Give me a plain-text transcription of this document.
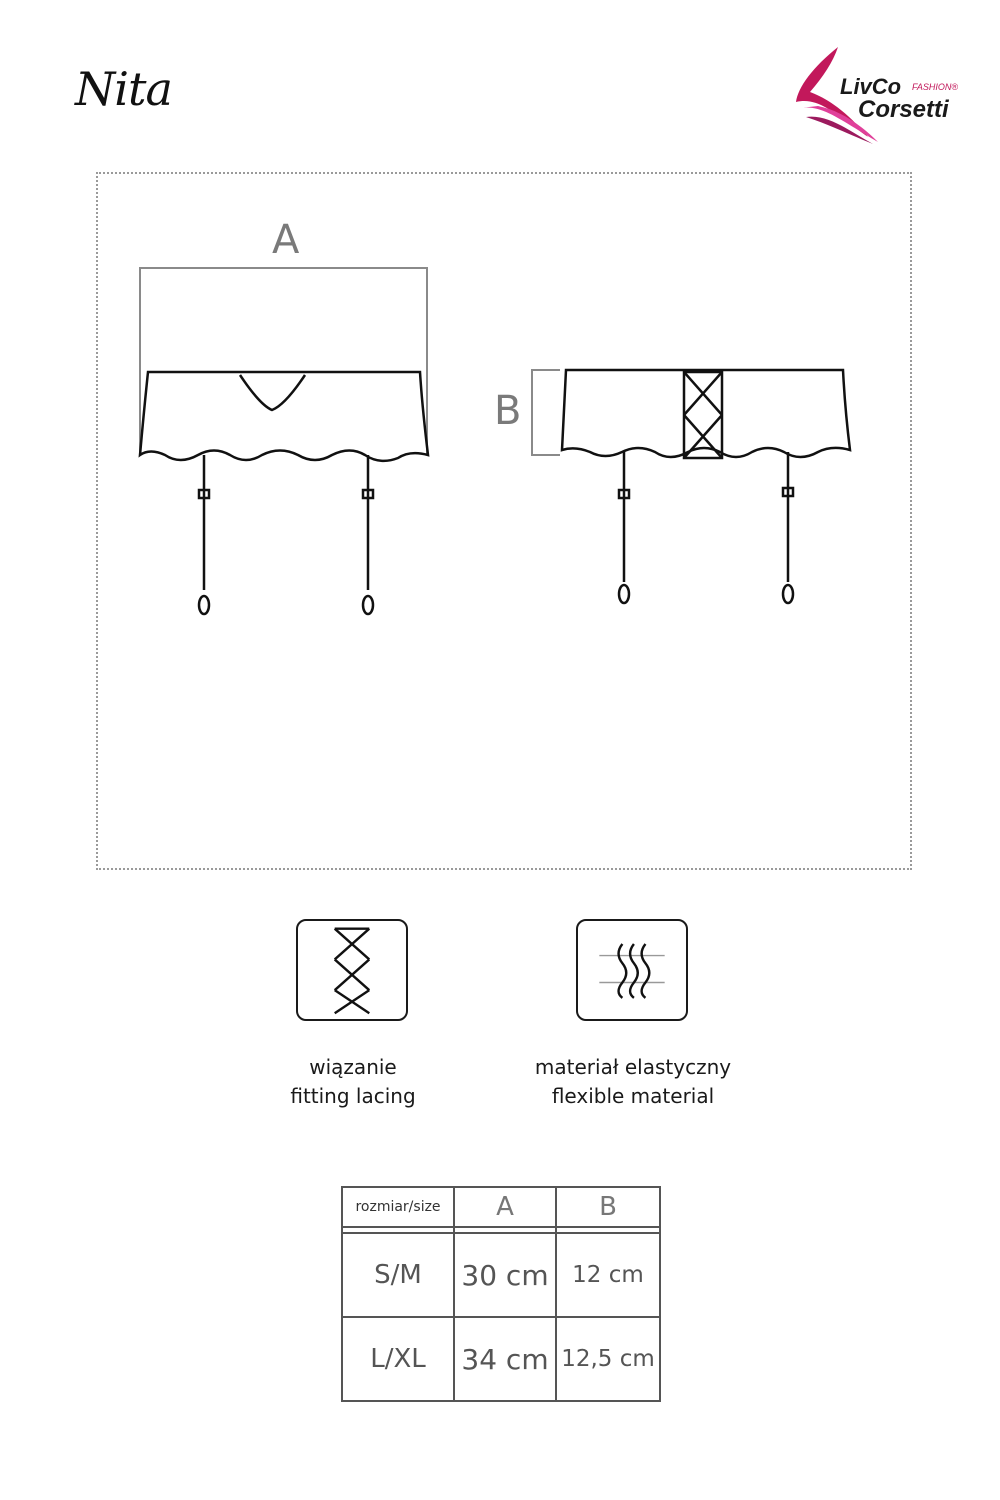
Nita	LivCo FASHION®
Corsetti
A
B
wiązanie
fitting lacing
materiał elastyczny
flexible material
rozmiar/size	A	B

S/M	30 cm	12 cm
L/XL	34 cm	12,5 cm
